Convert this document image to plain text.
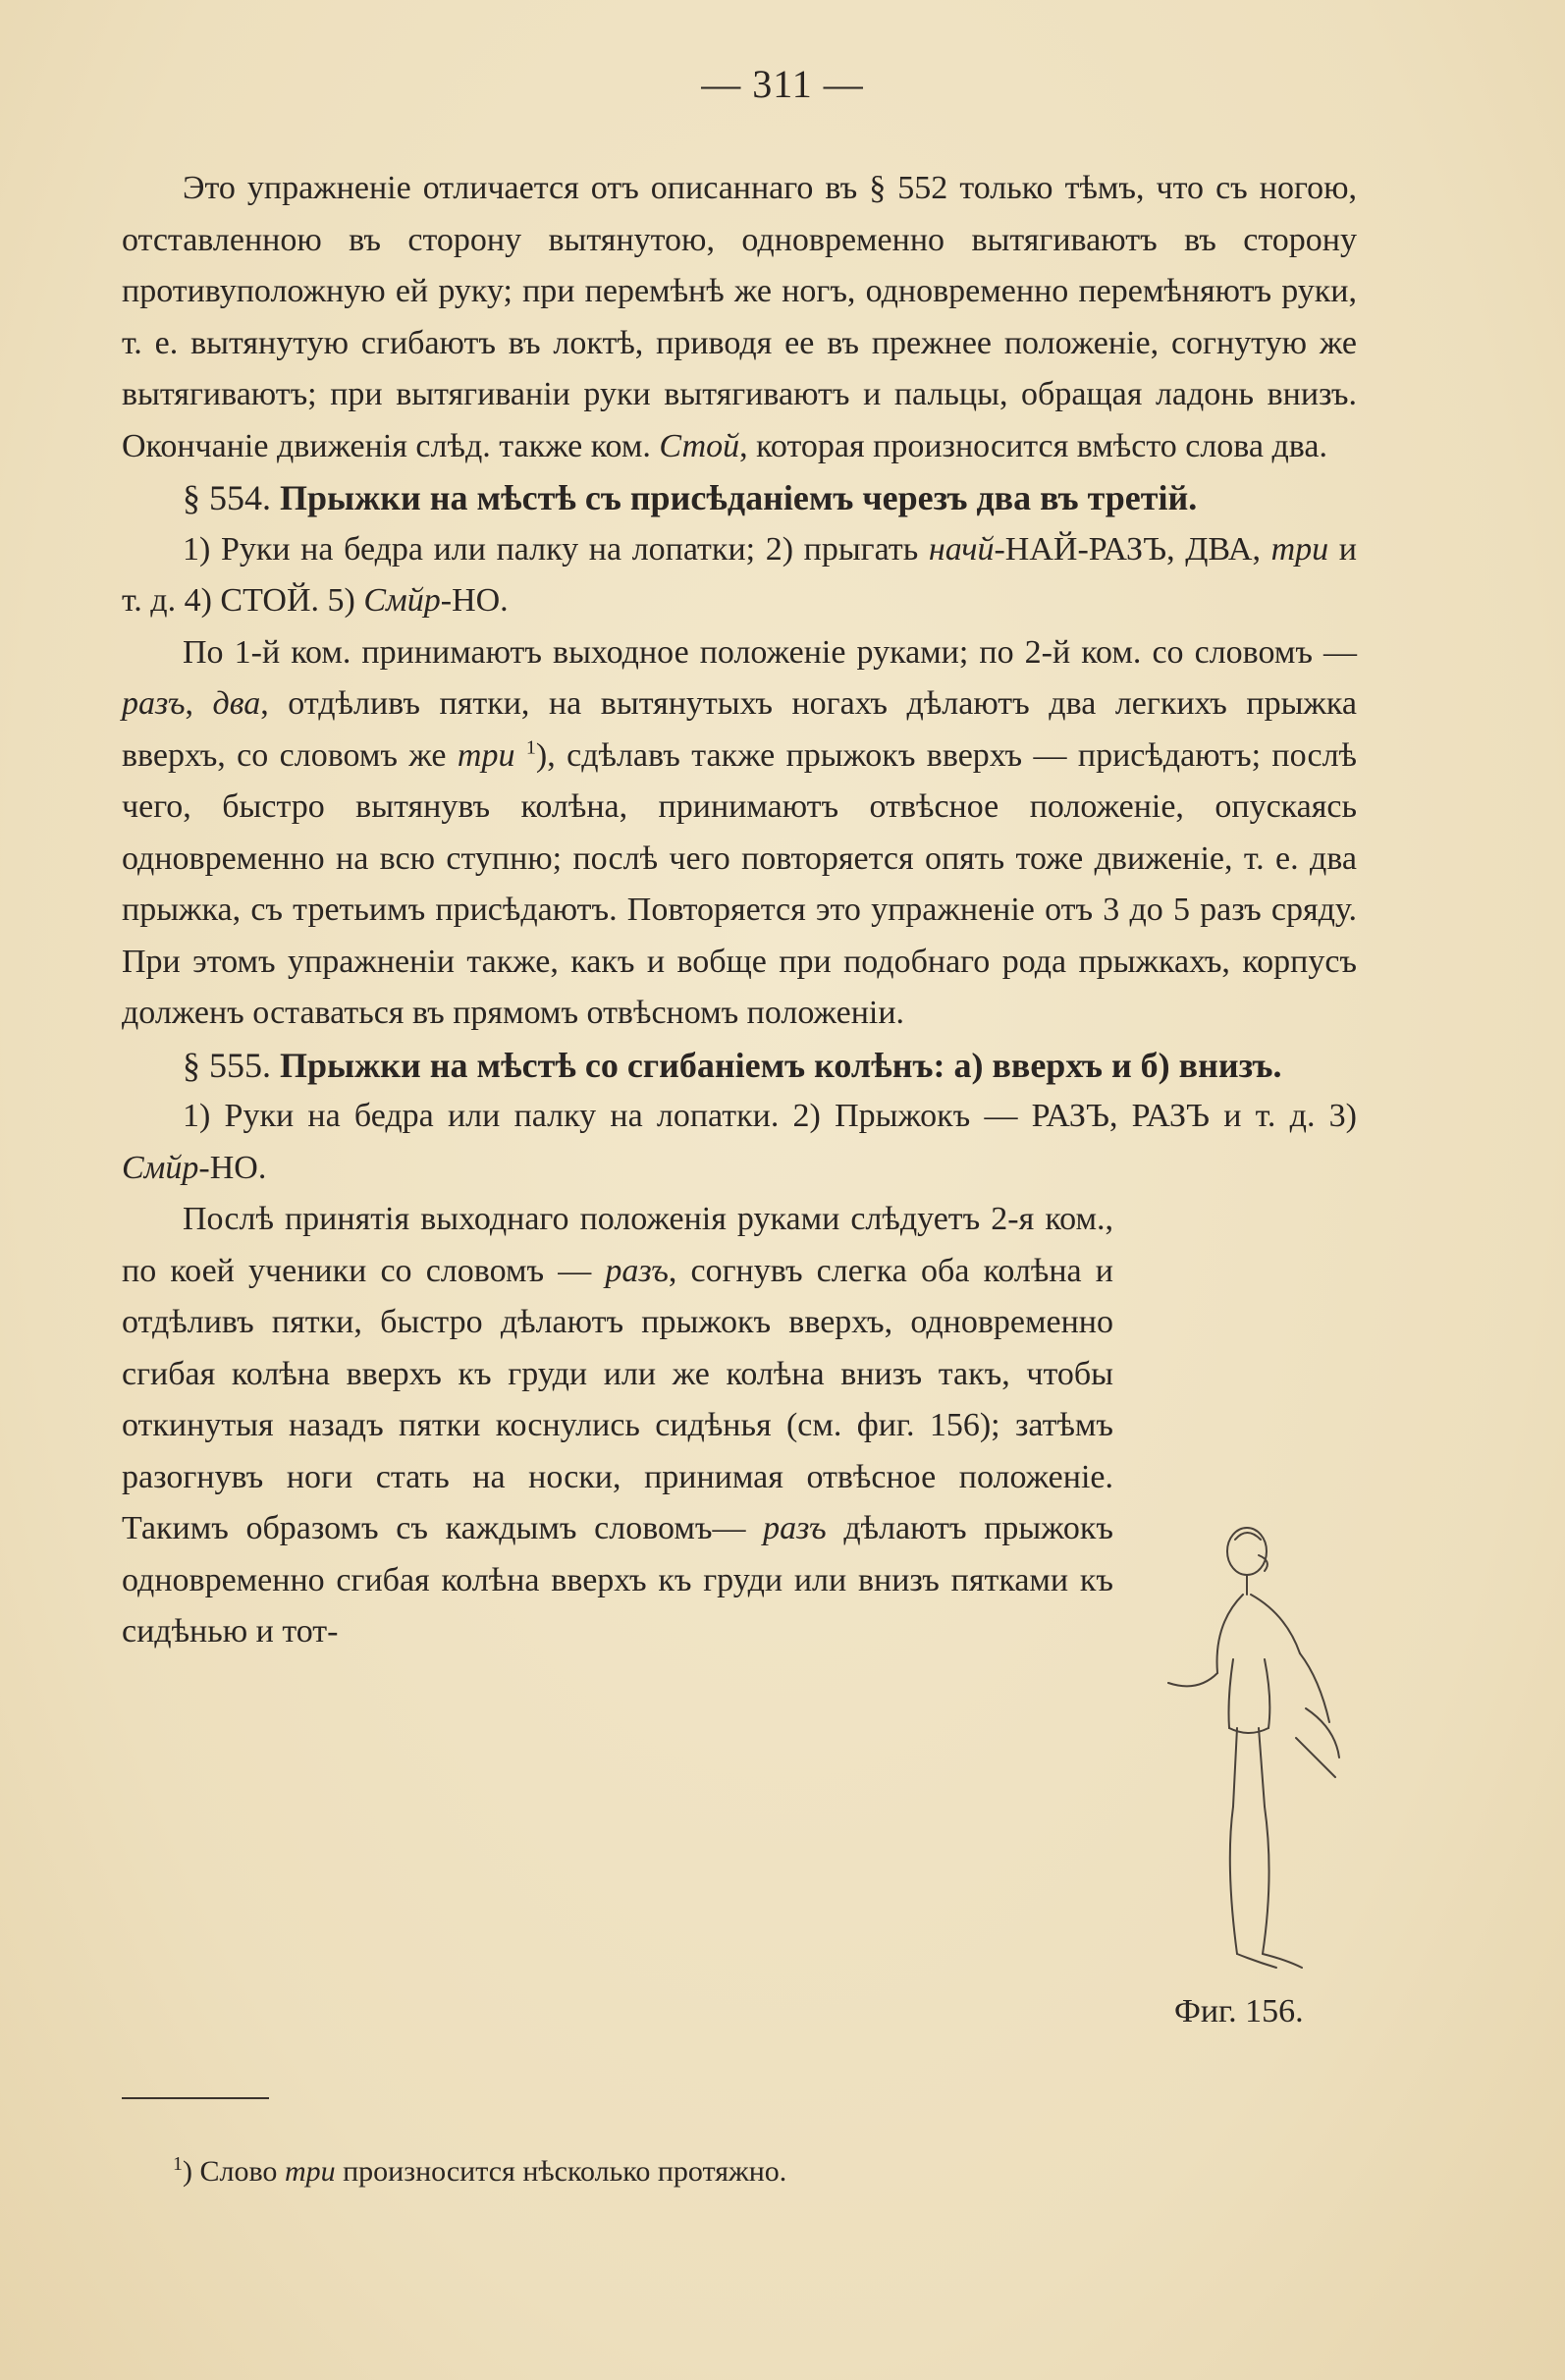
— 311 —

Это упражненіе отличается отъ описаннаго въ § 552 только тѣмъ, что съ ногою, отставленною въ сторону вытянутою, одновременно вытягиваютъ въ сторону противуположную ей руку; при перемѣнѣ же ногъ, одновременно перемѣняютъ руки, т. е. вытянутую сгибаютъ въ локтѣ, приводя ее въ прежнее положеніе, согнутую же вытягиваютъ; при вытягиваніи руки вытягиваютъ и пальцы, обращая ладонь внизъ. Окончаніе движенія слѣд. также ком. Стой, которая произносится вмѣсто слова два.

§ 554. Прыжки на мѣстѣ съ присѣданіемъ черезъ два въ третій.

1) Руки на бедра или палку на лопатки; 2) прыгать начй-НАЙ-РАЗЪ, ДВА, три и т. д. 4) СТОЙ. 5) Смйр-НО.

По 1-й ком. принимаютъ выходное положеніе руками; по 2-й ком. со словомъ — разъ, два, отдѣливъ пятки, на вытянутыхъ ногахъ дѣлаютъ два легкихъ прыжка вверхъ, со словомъ же три $^1$), сдѣлавъ также прыжокъ вверхъ — присѣдаютъ; послѣ чего, быстро вытянувъ колѣна, принимаютъ отвѣсное положеніе, опускаясь одновременно на всю ступню; послѣ чего повторяется опять тоже движеніе, т. е. два прыжка, съ третьимъ присѣдаютъ. Повторяется это упражненіе отъ 3 до 5 разъ сряду. При этомъ упражненіи также, какъ и вобще при подобнаго рода прыжкахъ, корпусъ долженъ оставаться въ прямомъ отвѣсномъ положеніи.

§ 555. Прыжки на мѣстѣ со сгибаніемъ колѣнъ: а) вверхъ и б) внизъ.

1) Руки на бедра или палку на лопатки. 2) Прыжокъ — РАЗЪ, РАЗЪ и т. д. 3) Смйр-НО.

Послѣ принятія выходнаго положенія руками слѣдуетъ 2-я ком., по коей ученики со словомъ — разъ, согнувъ слегка оба колѣна и отдѣливъ пятки, быстро дѣлаютъ прыжокъ вверхъ, одновременно сгибая колѣна вверхъ къ груди или же колѣна внизъ такъ, чтобы откинутыя назадъ пятки коснулись сидѣнья (см. фиг. 156); затѣмъ разогнувъ ноги стать на носки, принимая отвѣсное положеніе. Такимъ образомъ съ каждымъ словомъ— разъ дѣлаютъ прыжокъ одновременно сгибая колѣна вверхъ къ груди или внизъ пятками къ сидѣнью и тот-

Фиг. 156.
$^1$) Слово три произносится нѣсколько протяжно.
